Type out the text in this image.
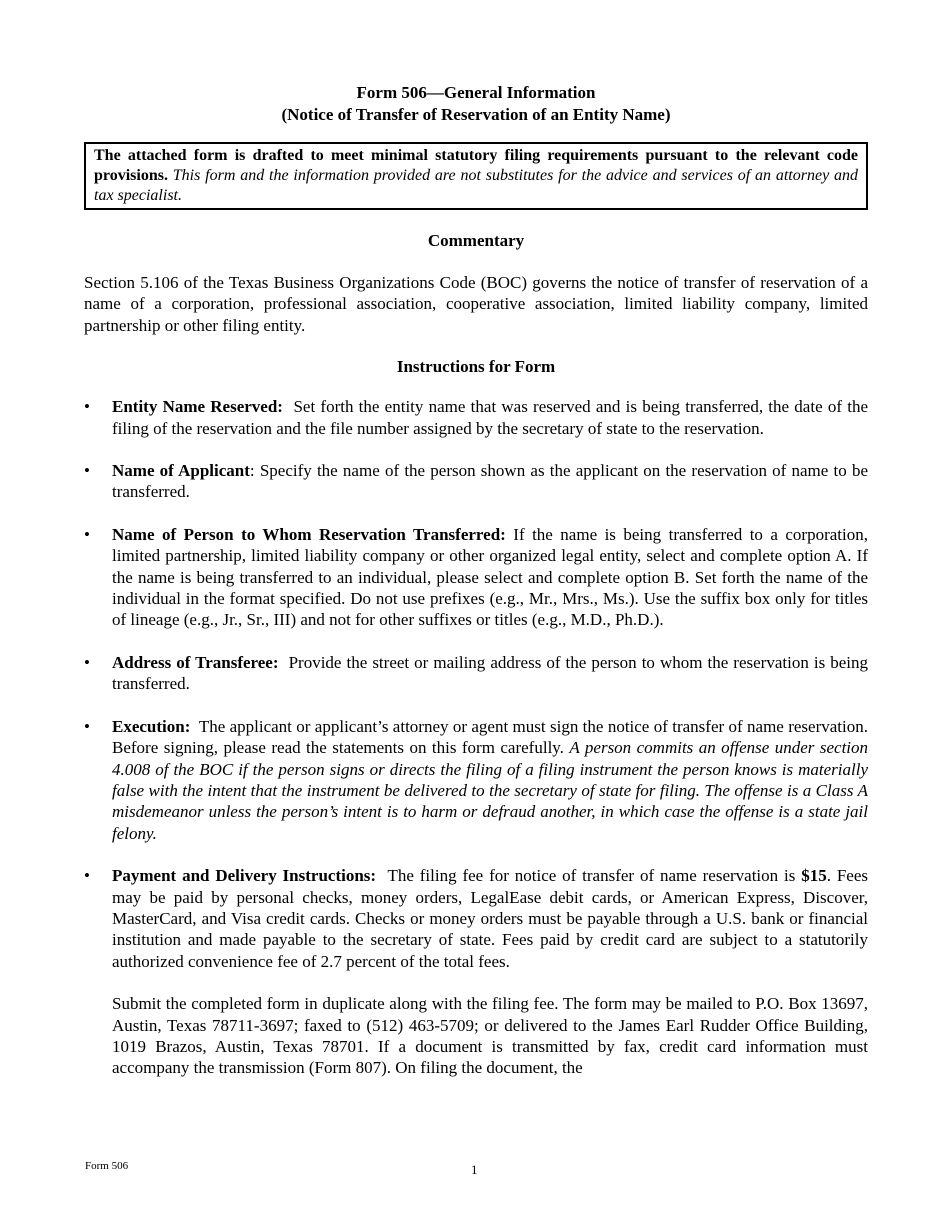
Form 506—General Information
(Notice of Transfer of Reservation of an Entity Name)
The attached form is drafted to meet minimal statutory filing requirements pursuant to the relevant code provisions. This form and the information provided are not substitutes for the advice and services of an attorney and tax specialist.
Commentary
Section 5.106 of the Texas Business Organizations Code (BOC) governs the notice of transfer of reservation of a name of a corporation, professional association, cooperative association, limited liability company, limited partnership or other filing entity.
Instructions for Form
•	Entity Name Reserved: Set forth the entity name that was reserved and is being transferred, the date of the filing of the reservation and the file number assigned by the secretary of state to the reservation.
•	Name of Applicant: Specify the name of the person shown as the applicant on the reservation of name to be transferred.
•	Name of Person to Whom Reservation Transferred: If the name is being transferred to a corporation, limited partnership, limited liability company or other organized legal entity, select and complete option A. If the name is being transferred to an individual, please select and complete option B. Set forth the name of the individual in the format specified. Do not use prefixes (e.g., Mr., Mrs., Ms.). Use the suffix box only for titles of lineage (e.g., Jr., Sr., III) and not for other suffixes or titles (e.g., M.D., Ph.D.).
•	Address of Transferee: Provide the street or mailing address of the person to whom the reservation is being transferred.
•	Execution: The applicant or applicant’s attorney or agent must sign the notice of transfer of name reservation. Before signing, please read the statements on this form carefully. A person commits an offense under section 4.008 of the BOC if the person signs or directs the filing of a filing instrument the person knows is materially false with the intent that the instrument be delivered to the secretary of state for filing. The offense is a Class A misdemeanor unless the person’s intent is to harm or defraud another, in which case the offense is a state jail felony.
•	Payment and Delivery Instructions: The filing fee for notice of transfer of name reservation is $15. Fees may be paid by personal checks, money orders, LegalEase debit cards, or American Express, Discover, MasterCard, and Visa credit cards. Checks or money orders must be payable through a U.S. bank or financial institution and made payable to the secretary of state. Fees paid by credit card are subject to a statutorily authorized convenience fee of 2.7 percent of the total fees.
Submit the completed form in duplicate along with the filing fee. The form may be mailed to P.O. Box 13697, Austin, Texas 78711-3697; faxed to (512) 463-5709; or delivered to the James Earl Rudder Office Building, 1019 Brazos, Austin, Texas 78701. If a document is transmitted by fax, credit card information must accompany the transmission (Form 807). On filing the document, the
Form 506	1
